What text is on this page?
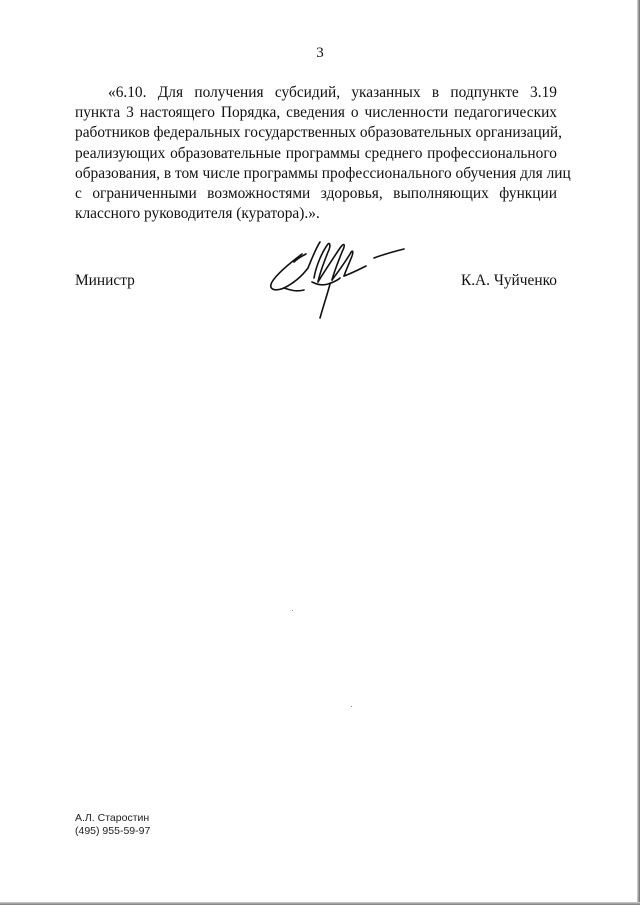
3
«6.10. Для получения субсидий, указанных в подпункте 3.19
пункта 3 настоящего Порядка, сведения о численности педагогических
работников федеральных государственных образовательных организаций,
реализующих образовательные программы среднего профессионального
образования, в том числе программы профессионального обучения для лиц
с ограниченными возможностями здоровья, выполняющих функции
классного руководителя (куратора).».
Министр	К.А. Чуйченко
А.Л. Старостин
(495) 955-59-97
